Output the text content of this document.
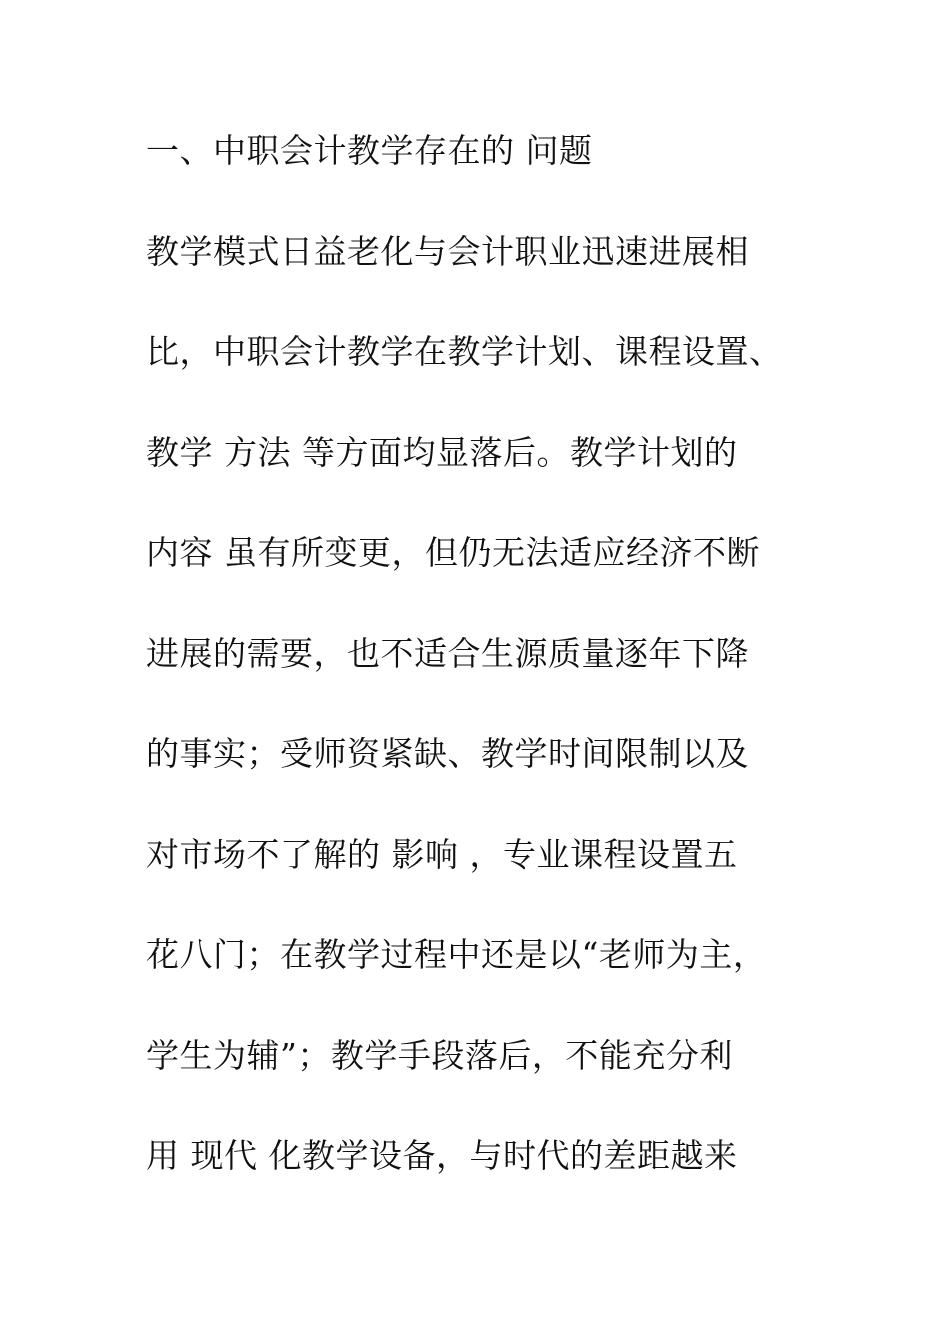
一、中职会计教学存在的 问题
教学模式日益老化与会计职业迅速进展相
比，中职会计教学在教学计划、课程设置、
教学 方法 等方面均显落后。教学计划的
内容 虽有所变更，但仍无法适应经济不断
进展的需要，也不适合生源质量逐年下降
的事实；受师资紧缺、教学时间限制以及
对市场不了解的 影响 ，专业课程设置五
花八门；在教学过程中还是以“老师为主，
学生为辅”；教学手段落后，不能充分利
用 现代 化教学设备，与时代的差距越来
